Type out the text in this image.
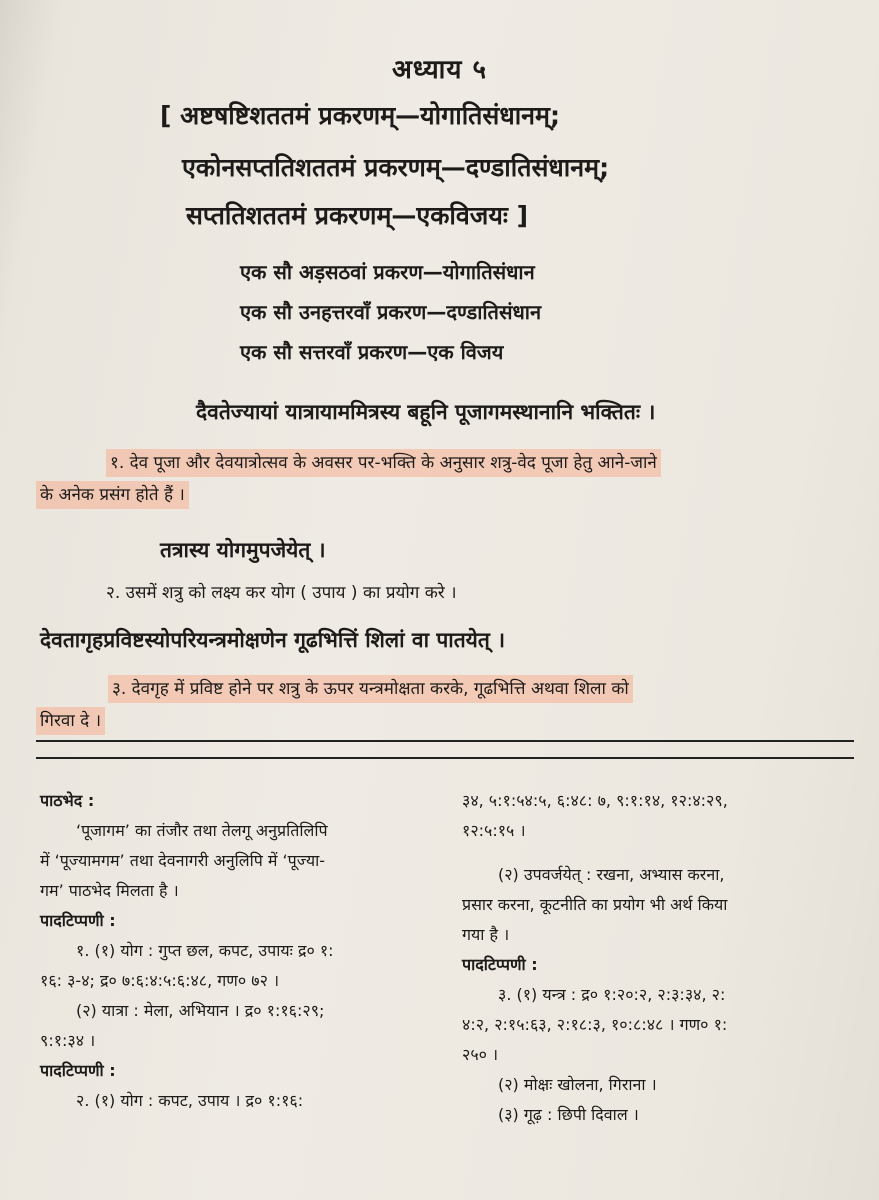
अध्याय ५
[ अष्टषष्टिशततमं प्रकरणम्—योगातिसंधानम्;
एकोनसप्ततिशततमं प्रकरणम्—दण्डातिसंधानम्;
सप्ततिशततमं प्रकरणम्—एकविजयः ]
एक सौ अड़सठवां प्रकरण—योगातिसंधान
एक सौ उनहत्तरवाँ प्रकरण—दण्डातिसंधान
एक सौ सत्तरवाँ प्रकरण—एक विजय
दैवतेज्यायां यात्रायाममित्रस्य बहूनि पूजागमस्थानानि भक्तितः ।
१. देव पूजा और देवयात्रोत्सव के अवसर पर-भक्ति के अनुसार शत्रु-वेद पूजा हेतु आने-जाने
के अनेक प्रसंग होते हैं ।
तत्रास्य योगमुपजेयेत् ।
२. उसमें शत्रु को लक्ष्य कर योग ( उपाय ) का प्रयोग करे ।
देवतागृहप्रविष्टस्योपरियन्त्रमोक्षणेन गूढभित्तिं शिलां वा पातयेत् ।
३. देवगृह में प्रविष्ट होने पर शत्रु के ऊपर यन्त्रमोक्षता करके, गूढभित्ति अथवा शिला को
गिरवा दे ।
पाठभेद :
‘पूजागम’ का तंजौर तथा तेलगू अनुप्रतिलिपि
में ‘पूज्यामगम’ तथा देवनागरी अनुलिपि में ‘पूज्या-
गम’ पाठभेद मिलता है ।
पादटिप्पणी :
१. (१) योग : गुप्त छल, कपट, उपायः द्र० १:
१६: ३-४; द्र० ७:६:४:५:६:४८, गण० ७२ ।
(२) यात्रा : मेला, अभियान । द्र० १:१६:२९;
९:१:३४ ।
पादटिप्पणी :
२. (१) योग : कपट, उपाय । द्र० १:१६:
३४, ५:१:५४:५, ६:४८: ७, ९:१:१४, १२:४:२९,
१२:५:१५ ।
(२) उपवर्जयेत् : रखना, अभ्यास करना,
प्रसार करना, कूटनीति का प्रयोग भी अर्थ किया
गया है ।
पादटिप्पणी :
३. (१) यन्त्र : द्र० १:२०:२, २:३:३४, २:
४:२, २:१५:६३, २:१८:३, १०:८:४८ । गण० १:
२५० ।
(२) मोक्षः खोलना, गिराना ।
(३) गूढ़ : छिपी दिवाल ।
